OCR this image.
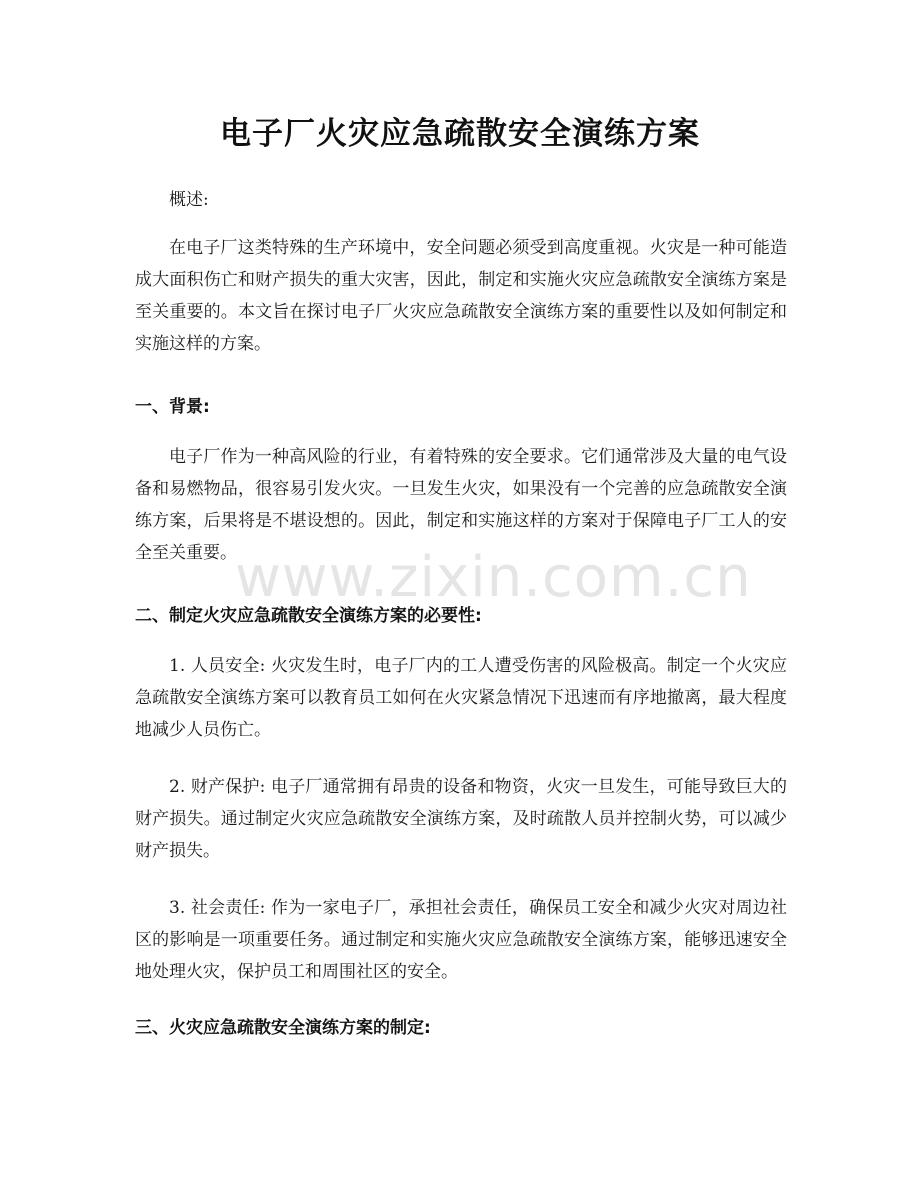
电子厂火灾应急疏散安全演练方案

概述:

在电子厂这类特殊的生产环境中，安全问题必须受到高度重视。火灾是一种可能造成大面积伤亡和财产损失的重大灾害，因此，制定和实施火灾应急疏散安全演练方案是至关重要的。本文旨在探讨电子厂火灾应急疏散安全演练方案的重要性以及如何制定和实施这样的方案。

一、背景:

电子厂作为一种高风险的行业，有着特殊的安全要求。它们通常涉及大量的电气设备和易燃物品，很容易引发火灾。一旦发生火灾，如果没有一个完善的应急疏散安全演练方案，后果将是不堪设想的。因此，制定和实施这样的方案对于保障电子厂工人的安全至关重要。

二、制定火灾应急疏散安全演练方案的必要性:

1. 人员安全: 火灾发生时，电子厂内的工人遭受伤害的风险极高。制定一个火灾应急疏散安全演练方案可以教育员工如何在火灾紧急情况下迅速而有序地撤离，最大程度地减少人员伤亡。

2. 财产保护: 电子厂通常拥有昂贵的设备和物资，火灾一旦发生，可能导致巨大的财产损失。通过制定火灾应急疏散安全演练方案，及时疏散人员并控制火势，可以减少财产损失。

3. 社会责任: 作为一家电子厂，承担社会责任，确保员工安全和减少火灾对周边社区的影响是一项重要任务。通过制定和实施火灾应急疏散安全演练方案，能够迅速安全地处理火灾，保护员工和周围社区的安全。

三、火灾应急疏散安全演练方案的制定:

www.zixin.com.cn
